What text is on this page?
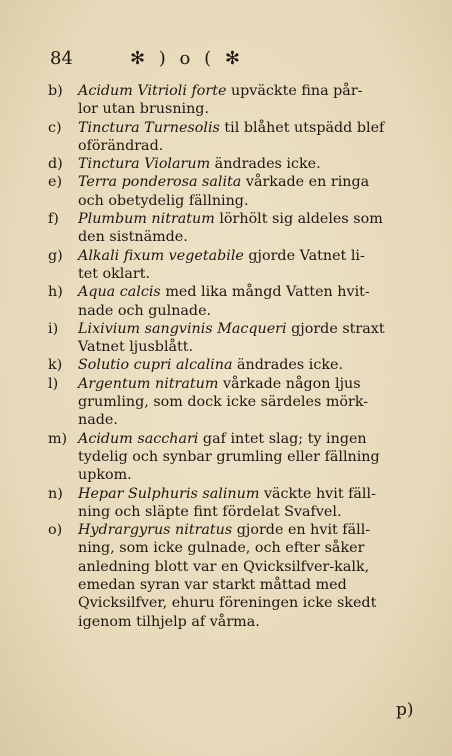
84	✻ ) o ( ✻
b) Acidum Vitrioli forte upväckte fina pår-
lor utan brusning.
c) Tinctura Turnesolis til blåhet utspädd blef
oförändrad.
d) Tinctura Violarum ändrades icke.
e) Terra ponderosa salita vårkade en ringa
och obetydelig fällning.
f) Plumbum nitratum lörhölt sig aldeles som
den sistnämde.
g) Alkali fixum vegetabile gjorde Vatnet li-
tet oklart.
h) Aqua calcis med lika mångd Vatten hvit-
nade och gulnade.
i) Lixivium sangvinis Macqueri gjorde straxt
Vatnet ljusblått.
k) Solutio cupri alcalina ändrades icke.
l) Argentum nitratum vårkade någon ljus
grumling, som dock icke särdeles mörk-
nade.
m) Acidum sacchari gaf intet slag; ty ingen
tydelig och synbar grumling eller fällning
upkom.
n) Hepar Sulphuris salinum väckte hvit fäll-
ning och släpte fint fördelat Svafvel.
o) Hydrargyrus nitratus gjorde en hvit fäll-
ning, som icke gulnade, och efter såker
anledning blott var en Qvicksilfver-kalk,
emedan syran var starkt måttad med
Qvicksilfver, ehuru föreningen icke skedt
igenom tilhjelp af vårma.
p)
